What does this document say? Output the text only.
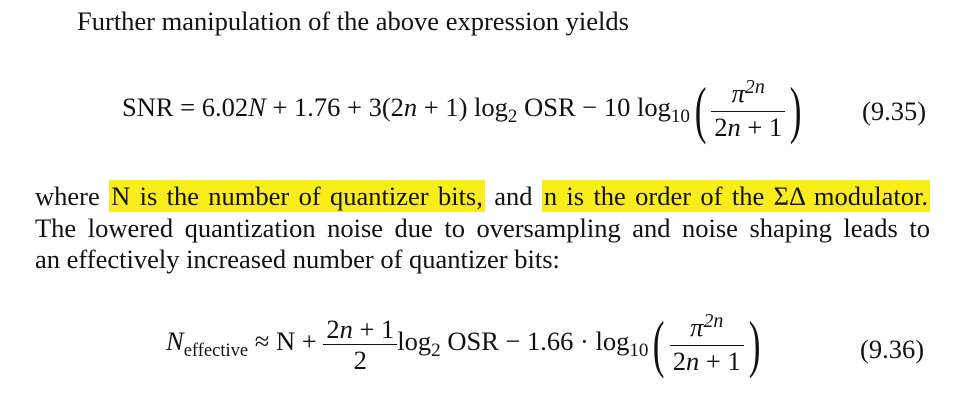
Further manipulation of the above expression yields
SNR = 6.02N + 1.76 + 3(2n + 1) $\log_2$ OSR − 10 $\log_{10}( \frac{\pi^{2n}}{2n + 1}$ ) (9.35)
where N is the number of quantizer bits, and n is the order of the ΣΔ modulator.
The lowered quantization noise due to oversampling and noise shaping leads to
an effectively increased number of quantizer bits:
$N_{effective} \approx N + \frac{2n + 1}{2} \log_2$ OSR − $1.66 \cdot \log_{10}( \frac{\pi^{2n}}{2n + 1}$ )	(9.36)
